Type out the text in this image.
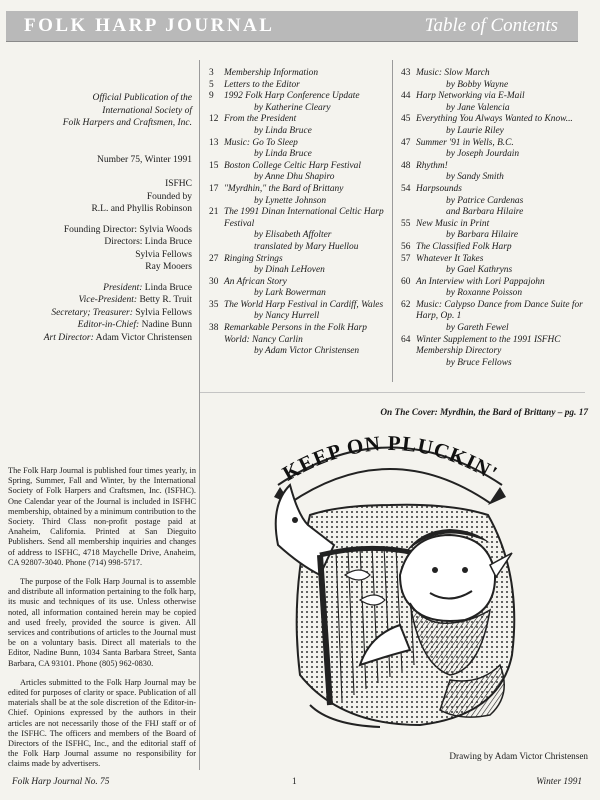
FOLK HARP JOURNAL	Table of Contents
Official Publication of the
International Society of
Folk Harpers and Craftsmen, Inc.
Number 75, Winter 1991
ISFHC
Founded by
R.L. and Phyllis Robinson
Founding Director: Sylvia Woods
Directors: Linda Bruce
Sylvia Fellows
Ray Mooers
President: Linda Bruce
Vice-President: Betty R. Truit
Secretary; Treasurer: Sylvia Fellows
Editor-in-Chief: Nadine Bunn
Art Director: Adam Victor Christensen
3	Membership Information
5	Letters to the Editor
9	1992 Folk Harp Conference Update
by Katherine Cleary
12 From the President
by Linda Bruce
13 Music: Go To Sleep
by Linda Bruce
15 Boston College Celtic Harp Festival
by Anne Dhu Shapiro
17 "Myrdhin," the Bard of Brittany
by Lynette Johnson
21 The 1991 Dinan International Celtic Harp Festival
by Elisabeth Affolter
translated by Mary Huellou
27 Ringing Strings
by Dinah LeHoven
30 An African Story
by Lark Bowerman
35 The World Harp Festival in Cardiff, Wales
by Nancy Hurrell
38 Remarkable Persons in the Folk Harp World: Nancy Carlin
by Adam Victor Christensen
43 Music: Slow March
by Bobby Wayne
44 Harp Networking via E-Mail
by Jane Valencia
45 Everything You Always Wanted to Know...
by Laurie Riley
47 Summer '91 in Wells, B.C.
by Joseph Jourdain
48 Rhythm!
by Sandy Smith
54 Harpsounds
by Patrice Cardenas
and Barbara Hilaire
55 New Music in Print
by Barbara Hilaire
56 The Classified Folk Harp
57 Whatever It Takes
by Gael Kathryns
60 An Interview with Lori Pappajohn
by Roxanne Poisson
62 Music: Calypso Dance from Dance Suite for Harp, Op. 1
by Gareth Fewel
64 Winter Supplement to the 1991 ISFHC Membership Directory
by Bruce Fellows

The Folk Harp Journal is published four times yearly, in Spring, Summer, Fall and Winter, by the International Society of Folk Harpers and Craftsmen, Inc. (ISFHC). One Calendar year of the Journal is included in ISFHC membership, obtained by a minimum contribution to the Society. Third Class non-profit postage paid at Anaheim, California. Printed at San Dieguito Publishers. Send all membership inquiries and changes of address to ISFHC, 4718 Maychelle Drive, Anaheim, CA 92807-3040. Phone (714) 998-5717.

The purpose of the Folk Harp Journal is to assemble and distribute all information pertaining to the folk harp, its music and techniques of its use. Unless otherwise noted, all information contained herein may be copied and used freely, provided the source is given. All services and contributions of articles to the Journal must be on a voluntary basis. Direct all materials to the Editor, Nadine Bunn, 1034 Santa Barbara Street, Santa Barbara, CA 93101. Phone (805) 962-0830.

Articles submitted to the Folk Harp Journal may be edited for purposes of clarity or space. Publication of all materials shall be at the sole discretion of the Editor-in-Chief. Opinions expressed by the authors in their articles are not necessarily those of the FHJ staff or of the ISFHC. The officers and members of the Board of Directors of the ISFHC, Inc., and the editorial staff of the Folk Harp Journal assume no responsibility for claims made by advertisers.

On The Cover: Myrdhin, the Bard of Brittany – pg. 17
KEEP ON PLUCKIN'
Drawing by Adam Victor Christensen
Folk Harp Journal No. 75	1	Winter 1991
